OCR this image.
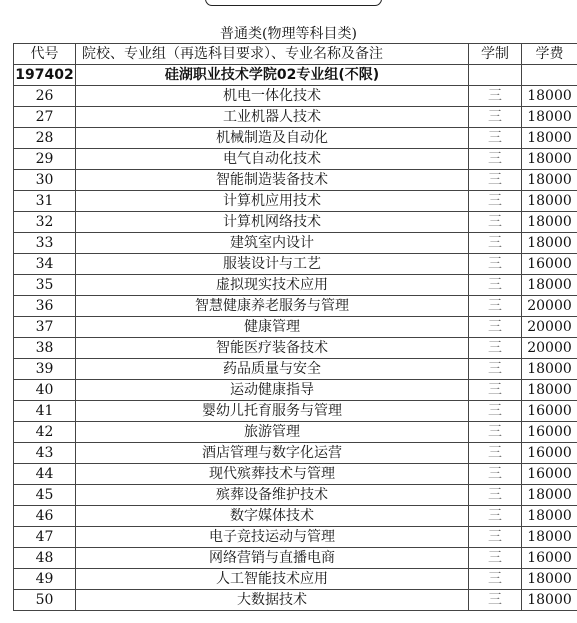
普通类(物理等科目类)
代号	院校、专业组（再选科目要求）、专业名称及备注	学制	学费
197402	硅湖职业技术学院02专业组(不限)		
26	机电一体化技术	三	18000
27	工业机器人技术	三	18000
28	机械制造及自动化	三	18000
29	电气自动化技术	三	18000
30	智能制造装备技术	三	18000
31	计算机应用技术	三	18000
32	计算机网络技术	三	18000
33	建筑室内设计	三	18000
34	服装设计与工艺	三	16000
35	虚拟现实技术应用	三	18000
36	智慧健康养老服务与管理	三	20000
37	健康管理	三	20000
38	智能医疗装备技术	三	20000
39	药品质量与安全	三	18000
40	运动健康指导	三	18000
41	婴幼儿托育服务与管理	三	16000
42	旅游管理	三	16000
43	酒店管理与数字化运营	三	16000
44	现代殡葬技术与管理	三	16000
45	殡葬设备维护技术	三	18000
46	数字媒体技术	三	18000
47	电子竞技运动与管理	三	18000
48	网络营销与直播电商	三	16000
49	人工智能技术应用	三	18000
50	大数据技术	三	18000
